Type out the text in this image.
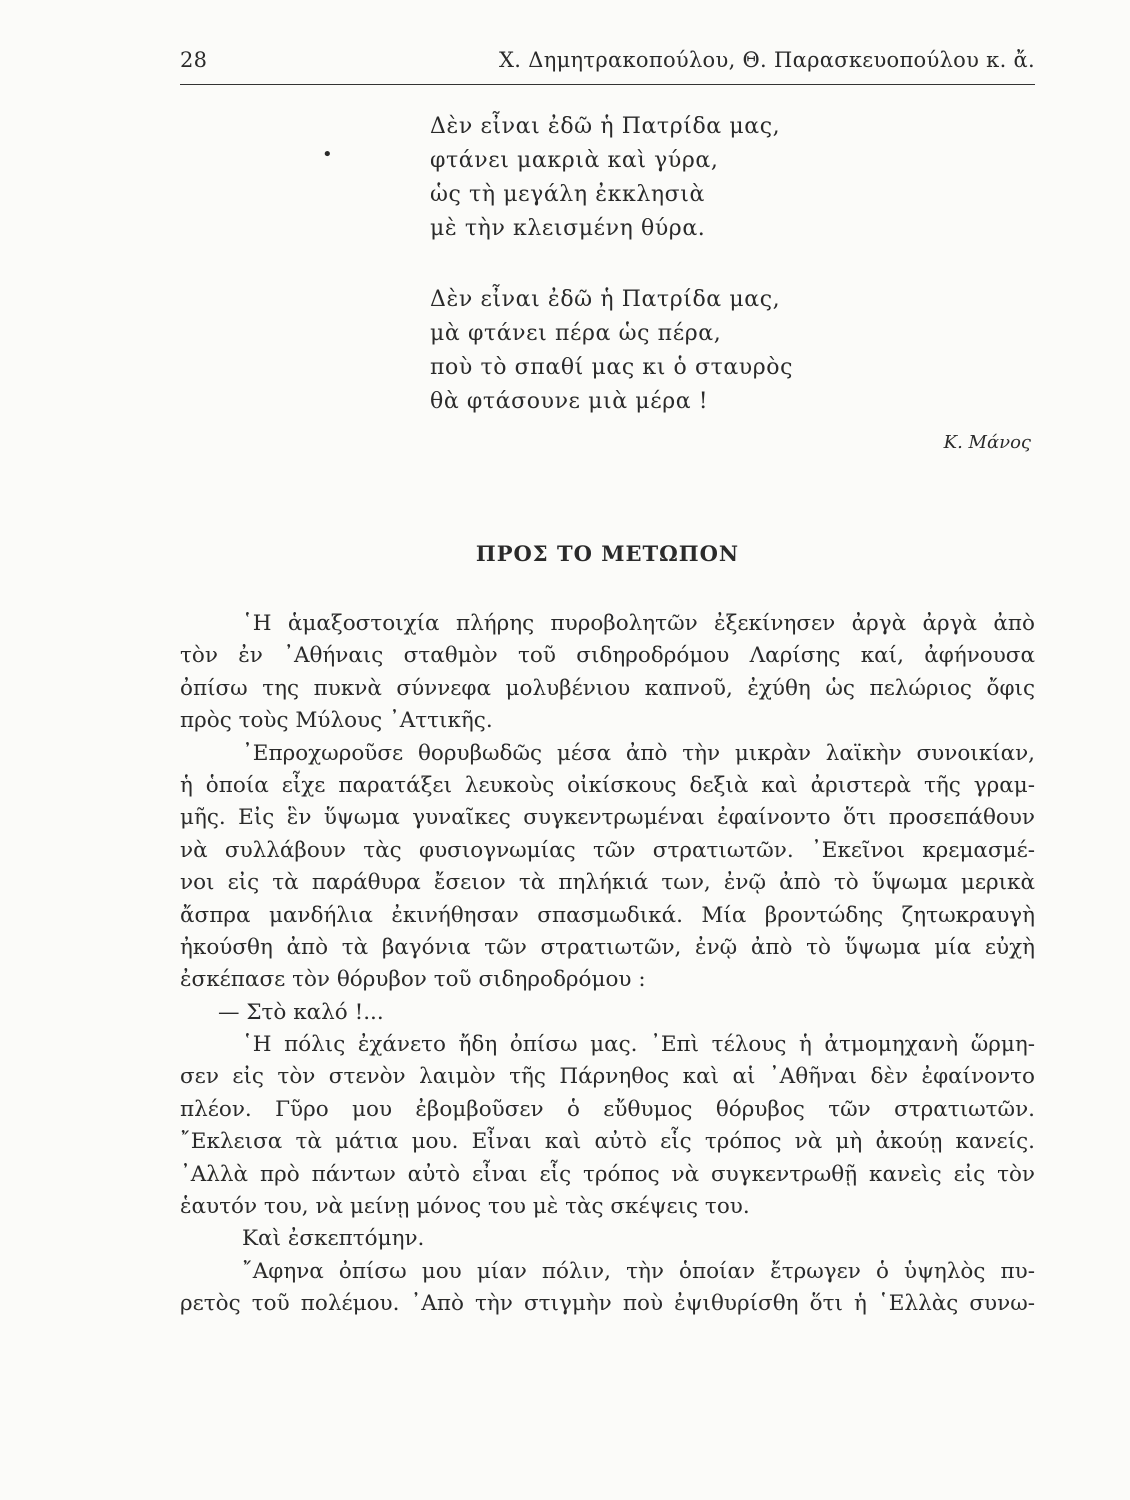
28	Χ. Δημητρακοπούλου, Θ. Παρασκευοπούλου κ. ἄ.
•
Δὲν εἶναι ἐδῶ ἡ Πατρίδα μας,
φτάνει μακριὰ καὶ γύρα,
ὡς τὴ μεγάλη ἐκκλησιὰ
μὲ τὴν κλεισμένη θύρα.
Δὲν εἶναι ἐδῶ ἡ Πατρίδα μας,
μὰ φτάνει πέρα ὡς πέρα,
ποὺ τὸ σπαθί μας κι ὁ σταυρὸς
θὰ φτάσουνε μιὰ μέρα !
Κ. Μάνος
ΠΡΟΣ ΤΟ ΜΕΤΩΠΟΝ
῾Η ἁμαξοστοιχία πλήρης πυροβολητῶν ἐξεκίνησεν ἀργὰ ἀργὰ ἀπὸ
τὸν ἐν ᾿Αθήναις σταθμὸν τοῦ σιδηροδρόμου Λαρίσης καί, ἀφήνουσα
ὀπίσω της πυκνὰ σύννεφα μολυβένιου καπνοῦ, ἐχύθη ὡς πελώριος ὄφις
πρὸς τοὺς Μύλους ᾿Αττικῆς.
᾿Επροχωροῦσε θορυβωδῶς μέσα ἀπὸ τὴν μικρὰν λαϊκὴν συνοικίαν,
ἡ ὁποία εἶχε παρατάξει λευκοὺς οἰκίσκους δεξιὰ καὶ ἀριστερὰ τῆς γραμ-
μῆς. Εἰς ἓν ὕψωμα γυναῖκες συγκεντρωμέναι ἐφαίνοντο ὅτι προσεπάθουν
νὰ συλλάβουν τὰς φυσιογνωμίας τῶν στρατιωτῶν. ᾿Εκεῖνοι κρεμασμέ-
νοι εἰς τὰ παράθυρα ἔσειον τὰ πηλήκιά των, ἐνῷ ἀπὸ τὸ ὕψωμα μερικὰ
ἄσπρα μανδήλια ἐκινήθησαν σπασμωδικά. Μία βροντώδης ζητωκραυγὴ
ἠκούσθη ἀπὸ τὰ βαγόνια τῶν στρατιωτῶν, ἐνῷ ἀπὸ τὸ ὕψωμα μία εὐχὴ
ἐσκέπασε τὸν θόρυβον τοῦ σιδηροδρόμου :
— Στὸ καλό !...
῾Η πόλις ἐχάνετο ἤδη ὀπίσω μας. ᾿Επὶ τέλους ἡ ἀτμομηχανὴ ὥρμη-
σεν εἰς τὸν στενὸν λαιμὸν τῆς Πάρνηθος καὶ αἱ ᾿Αθῆναι δὲν ἐφαίνοντο
πλέον. Γῦρο μου ἐβομβοῦσεν ὁ εὔθυμος θόρυβος τῶν στρατιωτῶν.
῎Εκλεισα τὰ μάτια μου. Εἶναι καὶ αὐτὸ εἷς τρόπος νὰ μὴ ἀκούῃ κανείς.
᾿Αλλὰ πρὸ πάντων αὐτὸ εἶναι εἷς τρόπος νὰ συγκεντρωθῇ κανεὶς εἰς τὸν
ἑαυτόν του, νὰ μείνῃ μόνος του μὲ τὰς σκέψεις του.
Καὶ ἐσκεπτόμην.
῎Αφηνα ὀπίσω μου μίαν πόλιν, τὴν ὁποίαν ἔτρωγεν ὁ ὑψηλὸς πυ-
ρετὸς τοῦ πολέμου. ᾿Απὸ τὴν στιγμὴν ποὺ ἐψιθυρίσθη ὅτι ἡ ῾Ελλὰς συνω-
